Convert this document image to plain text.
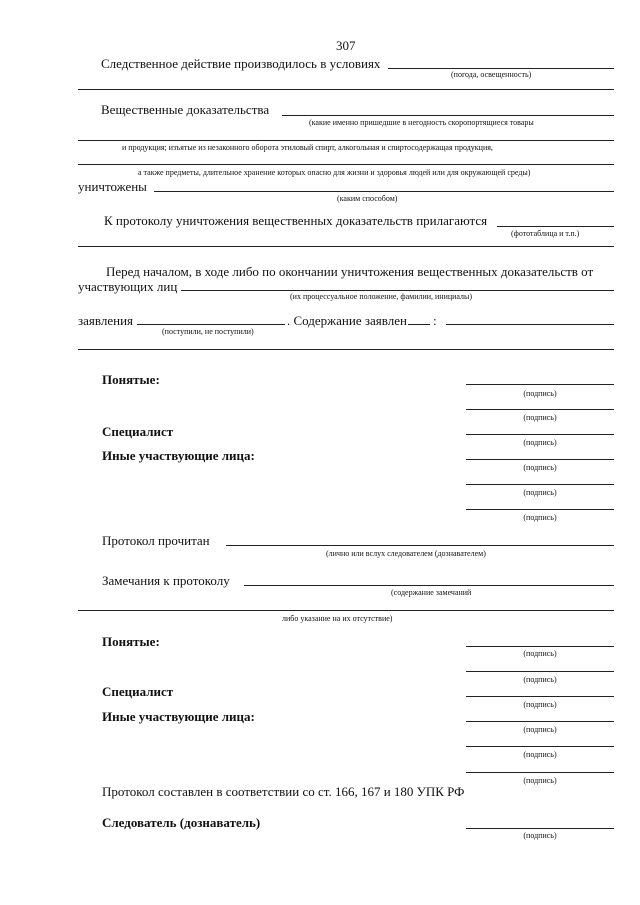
307
Следственное действие производилось в условиях
(погода, освещенность)
Вещественные доказательства
(какие именно пришедшие в негодность скоропортящиеся товары
и продукция; изъятые из незаконного оборота этиловый спирт, алкогольная и спиртосодержащая продукция,
а также предметы, длительное хранение которых опасно для жизни и здоровья людей или для окружающей среды)
уничтожены
(каким способом)
К протоколу уничтожения вещественных доказательств прилагаются
(фототаблица и т.п.)
Перед началом, в ходе либо по окончании уничтожения вещественных доказательств от
участвующих лиц
(их процессуальное положение, фамилии, инициалы)
заявления	. Содержание заявлен :
(поступили, не поступили)
Понятые:
Специалист
Иные участвующие лица:
(подпись)
(подпись)
(подпись)
(подпись)
(подпись)
(подпись)
Протокол прочитан
(лично или вслух следователем (дознавателем)
Замечания к протоколу
(содержание замечаний
либо указание на их отсутствие)
Понятые:
Специалист
Иные участвующие лица:
(подпись)
(подпись)
(подпись)
(подпись)
(подпись)
(подпись)
Протокол составлен в соответствии со ст. 166, 167 и 180 УПК РФ
Следователь (дознаватель)
(подпись)
